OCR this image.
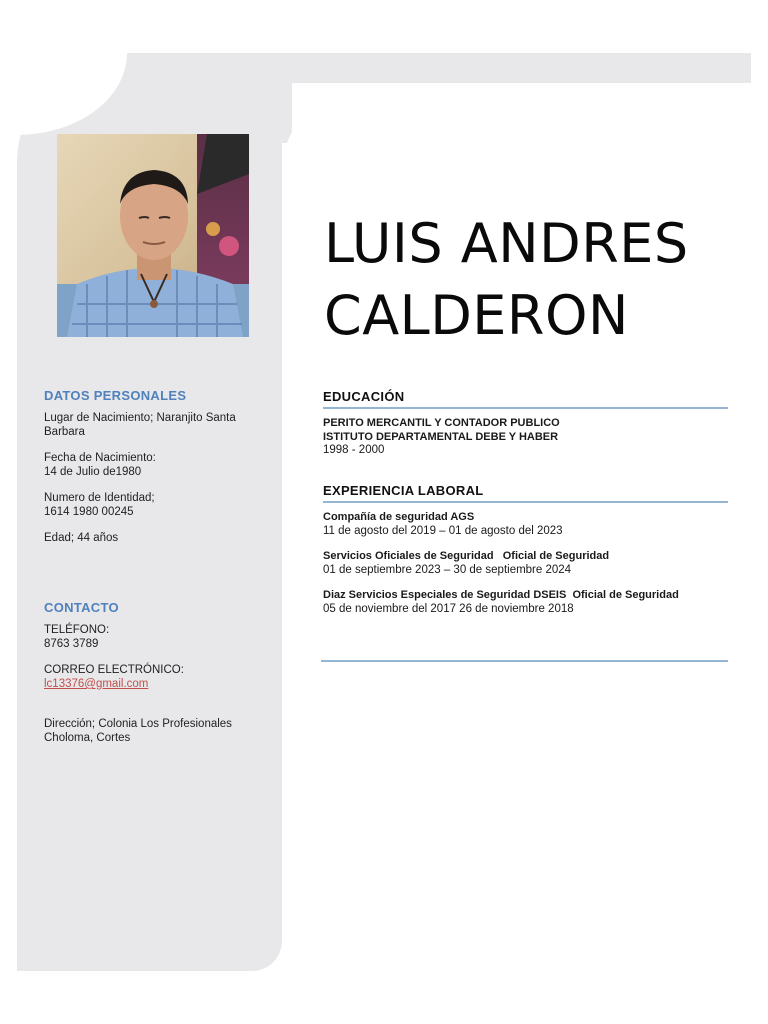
LUIS ANDRES
CALDERON
DATOS PERSONALES
Lugar de Nacimiento; Naranjito Santa Barbara
Fecha de Nacimiento:
14 de Julio de1980
Numero de Identidad;
1614 1980 00245
Edad; 44 años
CONTACTO
TELÉFONO:
8763 3789
CORREO ELECTRÓNICO:
lc13376@gmail.com
Dirección; Colonia Los Profesionales
Choloma, Cortes
EDUCACIÓN
PERITO MERCANTIL Y CONTADOR PUBLICO
ISTITUTO DEPARTAMENTAL DEBE Y HABER
1998 - 2000
EXPERIENCIA LABORAL
Compañía de seguridad AGS
11 de agosto del 2019 – 01 de agosto del 2023
Servicios Oficiales de Seguridad   Oficial de Seguridad
01 de septiembre 2023 – 30 de septiembre 2024
Diaz Servicios Especiales de Seguridad DSEIS  Oficial de Seguridad
05 de noviembre del 2017 26 de noviembre 2018
